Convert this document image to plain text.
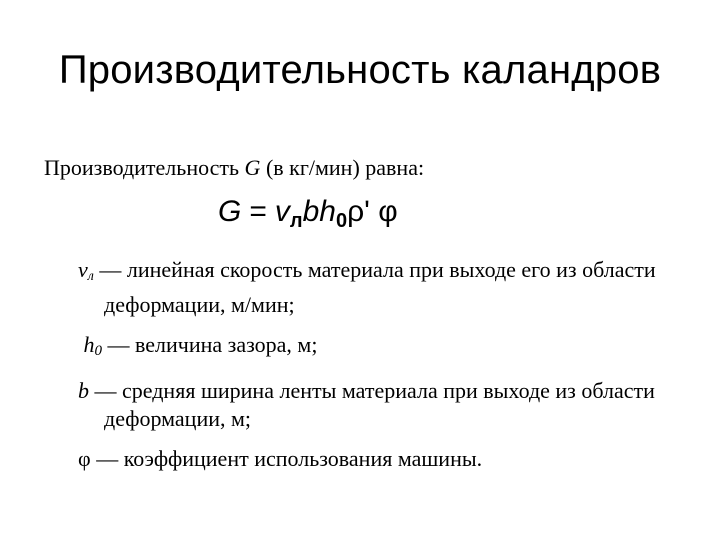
Производительность каландров
Производительность G (в кг/мин) равна:
$G = v_лbh_0\rho ʹ$ φ
vл — линейная скорость материала при выходе его из области деформации, м/мин;
h0 — величина зазора, м;
b — средняя ширина ленты материала при выходе из области деформации, м;
φ — коэффициент использования машины.
